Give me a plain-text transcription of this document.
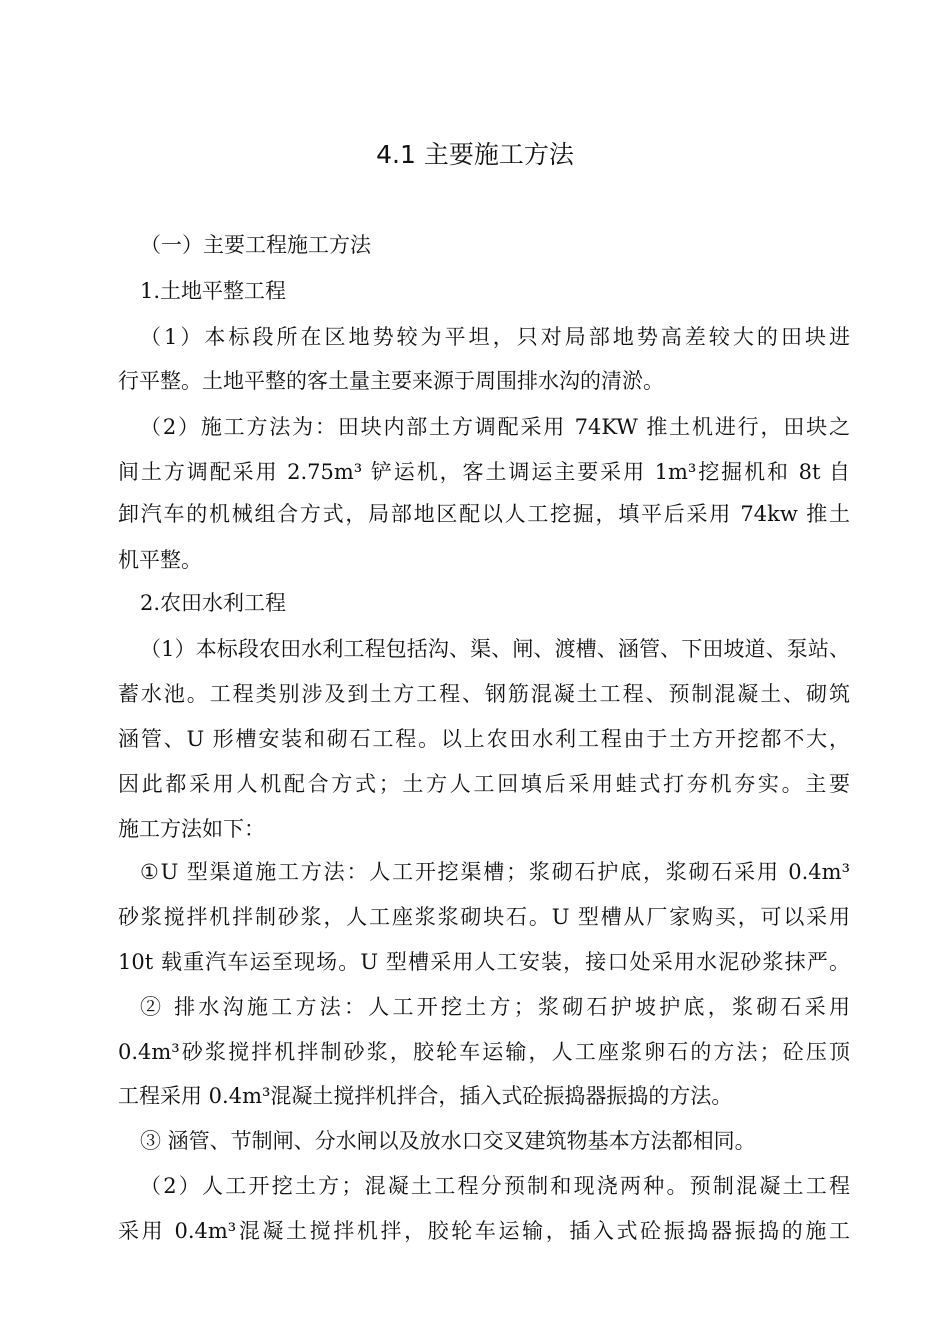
4.1 主要施工方法
（一）主要工程施工方法
1.土地平整工程
（1）本标段所在区地势较为平坦，只对局部地势高差较大的田块进
行平整。土地平整的客土量主要来源于周围排水沟的清淤。
（2）施工方法为：田块内部土方调配采用 74KW 推土机进行，田块之
间土方调配采用 2.75m³ 铲运机，客土调运主要采用 1m³挖掘机和 8t 自
卸汽车的机械组合方式，局部地区配以人工挖掘，填平后采用 74kw 推土
机平整。
2.农田水利工程
（1）本标段农田水利工程包括沟、渠、闸、渡槽、涵管、下田坡道、泵站、
蓄水池。工程类别涉及到土方工程、钢筋混凝土工程、预制混凝土、砌筑
涵管、U 形槽安装和砌石工程。以上农田水利工程由于土方开挖都不大，
因此都采用人机配合方式；土方人工回填后采用蛙式打夯机夯实。主要
施工方法如下：
①U 型渠道施工方法：人工开挖渠槽；浆砌石护底，浆砌石采用 0.4m³
砂浆搅拌机拌制砂浆，人工座浆浆砌块石。U 型槽从厂家购买，可以采用
10t 载重汽车运至现场。U 型槽采用人工安装，接口处采用水泥砂浆抹严。
② 排水沟施工方法：人工开挖土方；浆砌石护坡护底，浆砌石采用
0.4m³砂浆搅拌机拌制砂浆，胶轮车运输，人工座浆卵石的方法；砼压顶
工程采用 0.4m³混凝土搅拌机拌合，插入式砼振捣器振捣的方法。
③ 涵管、节制闸、分水闸以及放水口交叉建筑物基本方法都相同。
（2）人工开挖土方；混凝土工程分预制和现浇两种。预制混凝土工程
采用 0.4m³混凝土搅拌机拌，胶轮车运输，插入式砼振捣器振捣的施工
